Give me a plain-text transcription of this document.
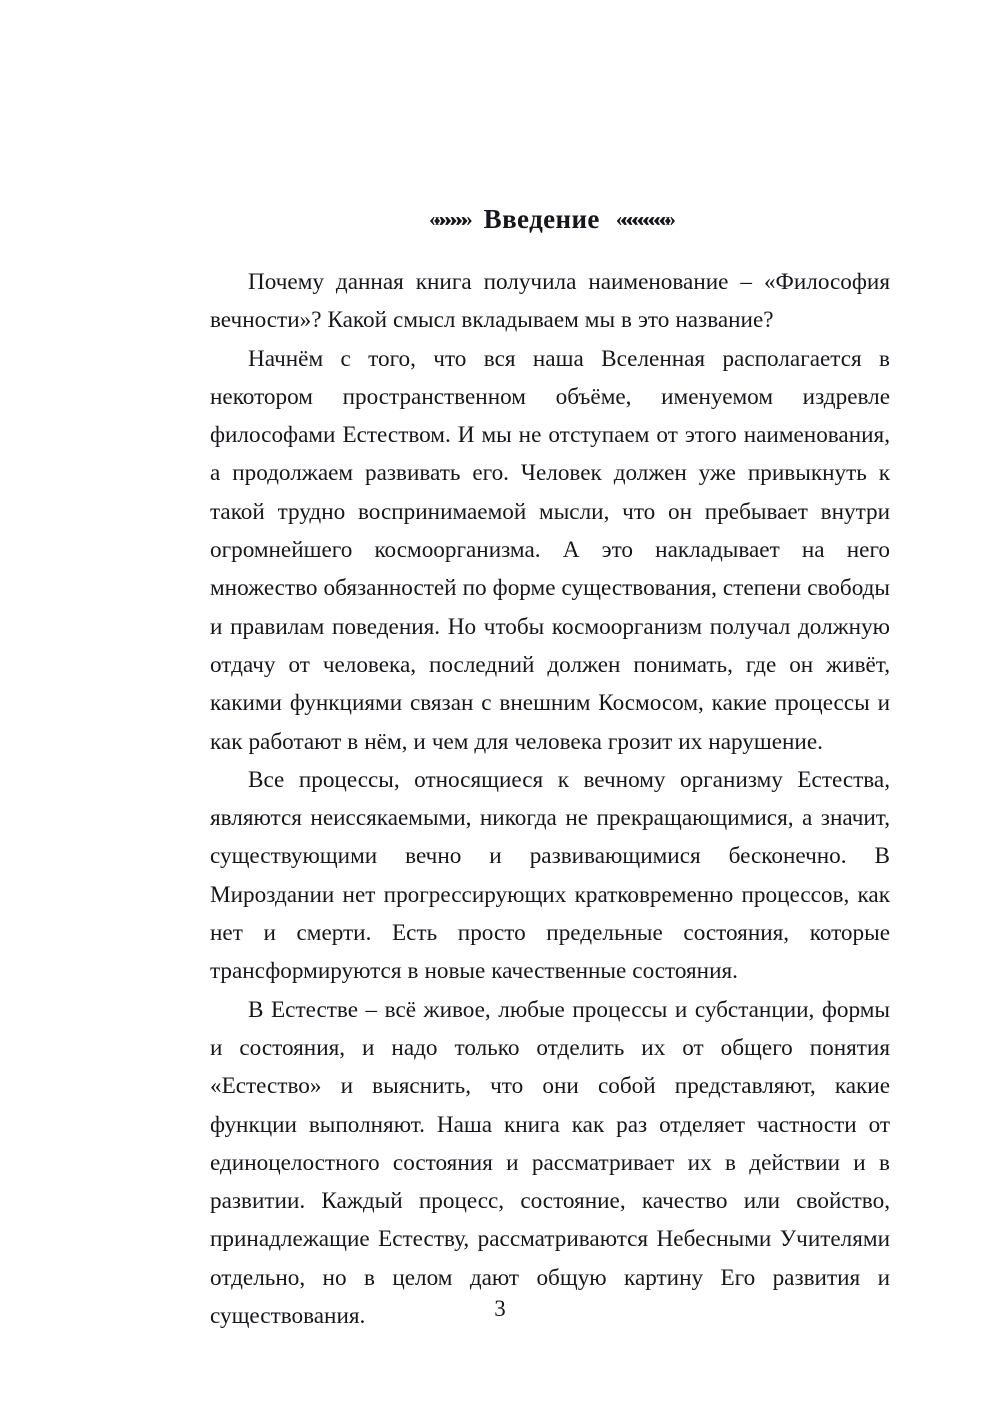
«»»»»»» Введение «««««««««»

Почему данная книга получила наименование – «Философия вечности»? Какой смысл вкладываем мы в это название?

Начнём с того, что вся наша Вселенная располагается в некотором пространственном объёме, именуемом издревле философами Естеством. И мы не отступаем от этого наименования, а продолжаем развивать его. Человек должен уже привыкнуть к такой трудно воспринимаемой мысли, что он пребывает внутри огромнейшего космоорганизма. А это накладывает на него множество обязанностей по форме существования, степени свободы и правилам поведения. Но чтобы космоорганизм получал должную отдачу от человека, последний должен понимать, где он живёт, какими функциями связан с внешним Космосом, какие процессы и как работают в нём, и чем для человека грозит их нарушение.

Все процессы, относящиеся к вечному организму Естества, являются неиссякаемыми, никогда не прекращающимися, а значит, существующими вечно и развивающимися бесконечно. В Мироздании нет прогрессирующих кратковременно процессов, как нет и смерти. Есть просто предельные состояния, которые трансформируются в новые качественные состояния.

В Естестве – всё живое, любые процессы и субстанции, формы и состояния, и надо только отделить их от общего понятия «Естество» и выяснить, что они собой представляют, какие функции выполняют. Наша книга как раз отделяет частности от единоцелостного состояния и рассматривает их в действии и в развитии. Каждый процесс, состояние, качество или свойство, принадлежащие Естеству, рассматриваются Небесными Учителями отдельно, но в целом дают общую картину Его развития и существования.	3
